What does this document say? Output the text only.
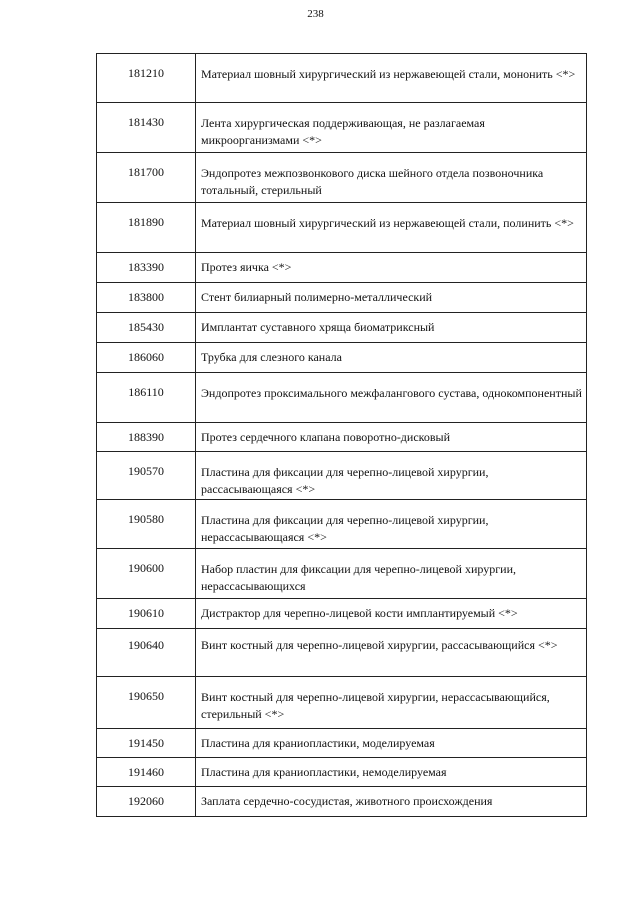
238
181210	Материал шовный хирургический из нержавеющей стали, мононить <*>

181430	Лента хирургическая поддерживающая, не разлагаемая микроорганизмами <*>

181700	Эндопротез межпозвонкового диска шейного отдела позвоночника тотальный, стерильный

181890	Материал шовный хирургический из нержавеющей стали, полинить <*>

183390	Протез яичка <*>

183800	Стент билиарный полимерно-металлический

185430	Имплантат суставного хряща биоматриксный

186060	Трубка для слезного канала

186110	Эндопротез проксимального межфалангового сустава, однокомпонентный

188390	Протез сердечного клапана поворотно-дисковый

190570	Пластина для фиксации для черепно-лицевой хирургии, рассасывающаяся <*>

190580	Пластина для фиксации для черепно-лицевой хирургии, нерассасывающаяся <*>

190600	Набор пластин для фиксации для черепно-лицевой хирургии, нерассасывающихся

190610	Дистрактор для черепно-лицевой кости имплантируемый <*>

190640	Винт костный для черепно-лицевой хирургии, рассасывающийся <*>

190650	Винт костный для черепно-лицевой хирургии, нерассасывающийся, стерильный <*>

191450	Пластина для краниопластики, моделируемая

191460	Пластина для краниопластики, немоделируемая

192060	Заплата сердечно-сосудистая, животного происхождения
